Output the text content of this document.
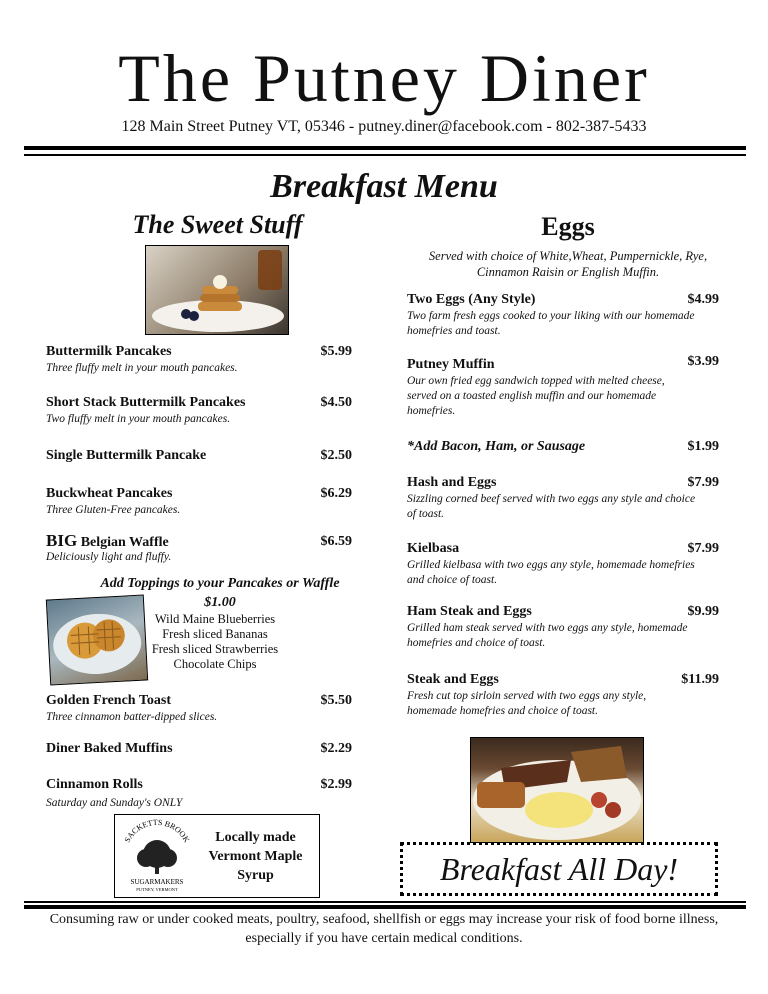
The Putney Diner
128 Main Street Putney VT, 05346 - putney.diner@facebook.com - 802-387-5433
Breakfast Menu
The Sweet Stuff
Buttermilk Pancakes	$5.99
Three fluffy melt in your mouth pancakes.
Short Stack Buttermilk Pancakes	$4.50
Two fluffy melt in your mouth pancakes.
Single Buttermilk Pancake	$2.50
Buckwheat Pancakes	$6.29
Three Gluten-Free pancakes.
BIG Belgian Waffle	$6.59
Deliciously light and fluffy.
Add Toppings to your Pancakes or Waffle
$1.00
Wild Maine Blueberries
Fresh sliced Bananas
Fresh sliced Strawberries
Chocolate Chips
Golden French Toast	$5.50
Three cinnamon batter-dipped slices.
Diner Baked Muffins	$2.29
Cinnamon Rolls	$2.99
Saturday and Sunday's ONLY
SACKETTS BROOK
SUGARMAKERS
PUTNEY, VERMONT
Locally made Vermont Maple Syrup
Eggs
Served with choice of White,Wheat, Pumpernickle, Rye, Cinnamon Raisin or English Muffin.
Two Eggs (Any Style)	$4.99
Two farm fresh eggs cooked to your liking with our homemade homefries and toast.
Putney Muffin	$3.99
Our own fried egg sandwich topped with melted cheese, served on a toasted english muffin and our homemade homefries.
*Add Bacon, Ham, or Sausage	$1.99
Hash and Eggs	$7.99
Sizzling corned beef served with two eggs any style and choice of toast.
Kielbasa	$7.99
Grilled kielbasa with two eggs any style, homemade homefries and choice of toast.
Ham Steak and Eggs	$9.99
Grilled ham steak served with two eggs any style, homemade homefries and choice of toast.
Steak and Eggs	$11.99
Fresh cut top sirloin served with two eggs any style, homemade homefries and choice of toast.
Breakfast All Day!
Consuming raw or under cooked meats, poultry, seafood, shellfish or eggs may increase your risk of food borne illness, especially if you have certain medical conditions.
